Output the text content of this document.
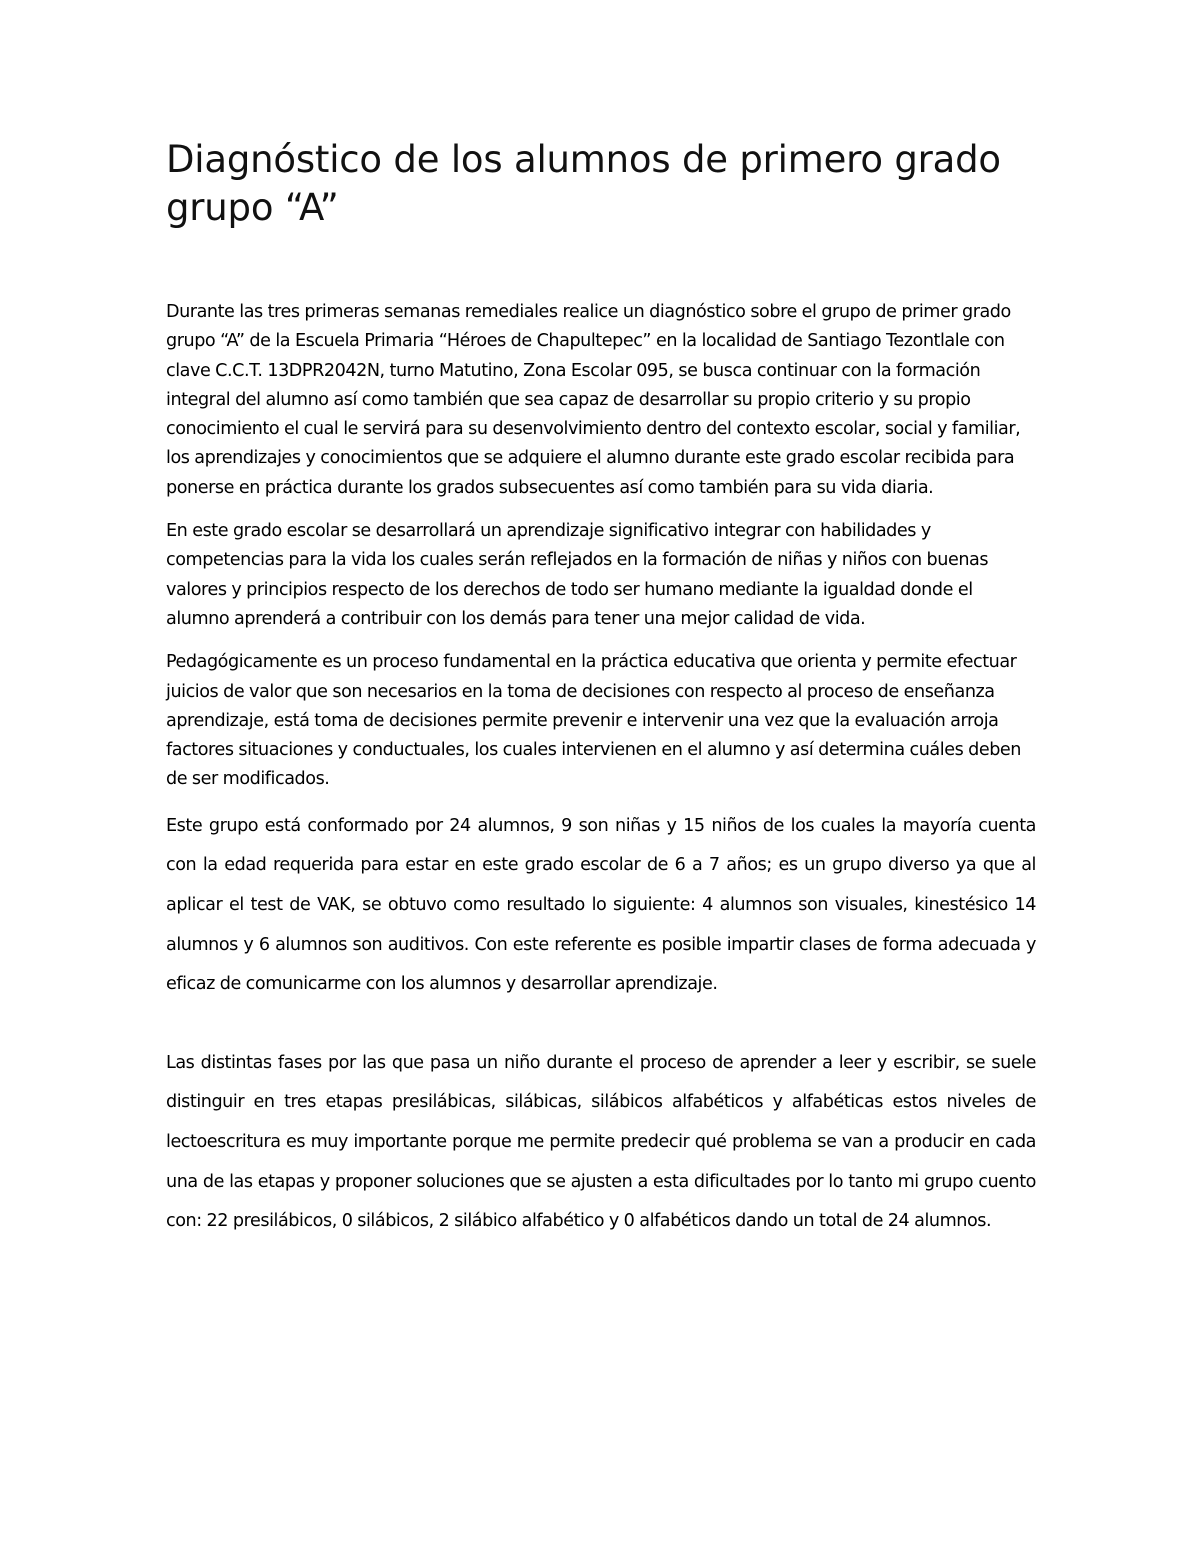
Diagnóstico de los alumnos de primero grado grupo “A”

Durante las tres primeras semanas remediales realice un diagnóstico sobre el grupo de primer grado grupo “A” de la Escuela Primaria “Héroes de Chapultepec” en la localidad de Santiago Tezontlale con clave C.C.T. 13DPR2042N, turno Matutino, Zona Escolar 095, se busca continuar con la formación integral del alumno así como también que sea capaz de desarrollar su propio criterio y su propio conocimiento el cual le servirá para su desenvolvimiento dentro del contexto escolar, social y familiar, los aprendizajes y conocimientos que se adquiere el alumno durante este grado escolar recibida para ponerse en práctica durante los grados subsecuentes así como también para su vida diaria.

En este grado escolar se desarrollará un aprendizaje significativo integrar con habilidades y competencias para la vida los cuales serán reflejados en la formación de niñas y niños con buenas valores y principios respecto de los derechos de todo ser humano mediante la igualdad donde el alumno aprenderá a contribuir con los demás para tener una mejor calidad de vida.

Pedagógicamente es un proceso fundamental en la práctica educativa que orienta y permite efectuar juicios de valor que son necesarios en la toma de decisiones con respecto al proceso de enseñanza aprendizaje, está toma de decisiones permite prevenir e intervenir una vez que la evaluación arroja factores situaciones y conductuales, los cuales intervienen en el alumno y así determina cuáles deben de ser modificados.

Este grupo está conformado por 24 alumnos, 9 son niñas y 15 niños de los cuales la mayoría cuenta con la edad requerida para estar en este grado escolar de 6 a 7 años; es un grupo diverso ya que al aplicar el test de VAK, se obtuvo como resultado lo siguiente: 4 alumnos son visuales, kinestésico 14 alumnos y 6 alumnos son auditivos. Con este referente es posible impartir clases de forma adecuada y eficaz de comunicarme con los alumnos y desarrollar aprendizaje.

Las distintas fases por las que pasa un niño durante el proceso de aprender a leer y escribir, se suele distinguir en tres etapas presilábicas, silábicas, silábicos alfabéticos y alfabéticas estos niveles de lectoescritura es muy importante porque me permite predecir qué problema se van a producir en cada una de las etapas y proponer soluciones que se ajusten a esta dificultades por lo tanto mi grupo cuento con: 22 presilábicos, 0 silábicos, 2 silábico alfabético y 0 alfabéticos dando un total de 24 alumnos.
